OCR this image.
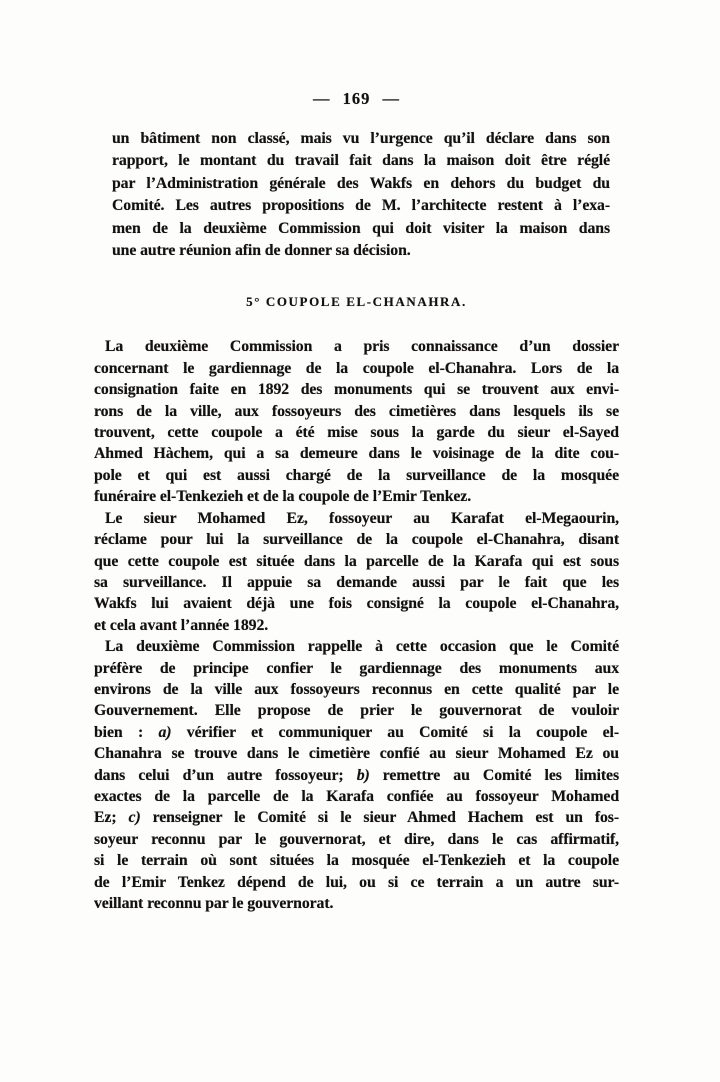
— 169 —
un bâtiment non classé, mais vu l’urgence qu’il déclare dans son
rapport, le montant du travail fait dans la maison doit être réglé
par l’Administration générale des Wakfs en dehors du budget du
Comité. Les autres propositions de M. l’architecte restent à l’exa-
men de la deuxième Commission qui doit visiter la maison dans
une autre réunion afin de donner sa décision.
5° COUPOLE EL-CHANAHRA.
La deuxième Commission a pris connaissance d’un dossier
concernant le gardiennage de la coupole el-Chanahra. Lors de la
consignation faite en 1892 des monuments qui se trouvent aux envi-
rons de la ville, aux fossoyeurs des cimetières dans lesquels ils se
trouvent, cette coupole a été mise sous la garde du sieur el-Sayed
Ahmed Hàchem, qui a sa demeure dans le voisinage de la dite cou-
pole et qui est aussi chargé de la surveillance de la mosquée
funéraire el-Tenkezieh et de la coupole de l’Emir Tenkez.
Le sieur Mohamed Ez, fossoyeur au Karafat el-Megaourin,
réclame pour lui la surveillance de la coupole el-Chanahra, disant
que cette coupole est située dans la parcelle de la Karafa qui est sous
sa surveillance. Il appuie sa demande aussi par le fait que les
Wakfs lui avaient déjà une fois consigné la coupole el-Chanahra,
et cela avant l’année 1892.
La deuxième Commission rappelle à cette occasion que le Comité
préfère de principe confier le gardiennage des monuments aux
environs de la ville aux fossoyeurs reconnus en cette qualité par le
Gouvernement. Elle propose de prier le gouvernorat de vouloir
bien : a) vérifier et communiquer au Comité si la coupole el-
Chanahra se trouve dans le cimetière confié au sieur Mohamed Ez ou
dans celui d’un autre fossoyeur; b) remettre au Comité les limites
exactes de la parcelle de la Karafa confiée au fossoyeur Mohamed
Ez; c) renseigner le Comité si le sieur Ahmed Hachem est un fos-
soyeur reconnu par le gouvernorat, et dire, dans le cas affirmatif,
si le terrain où sont situées la mosquée el-Tenkezieh et la coupole
de l’Emir Tenkez dépend de lui, ou si ce terrain a un autre sur-
veillant reconnu par le gouvernorat.
